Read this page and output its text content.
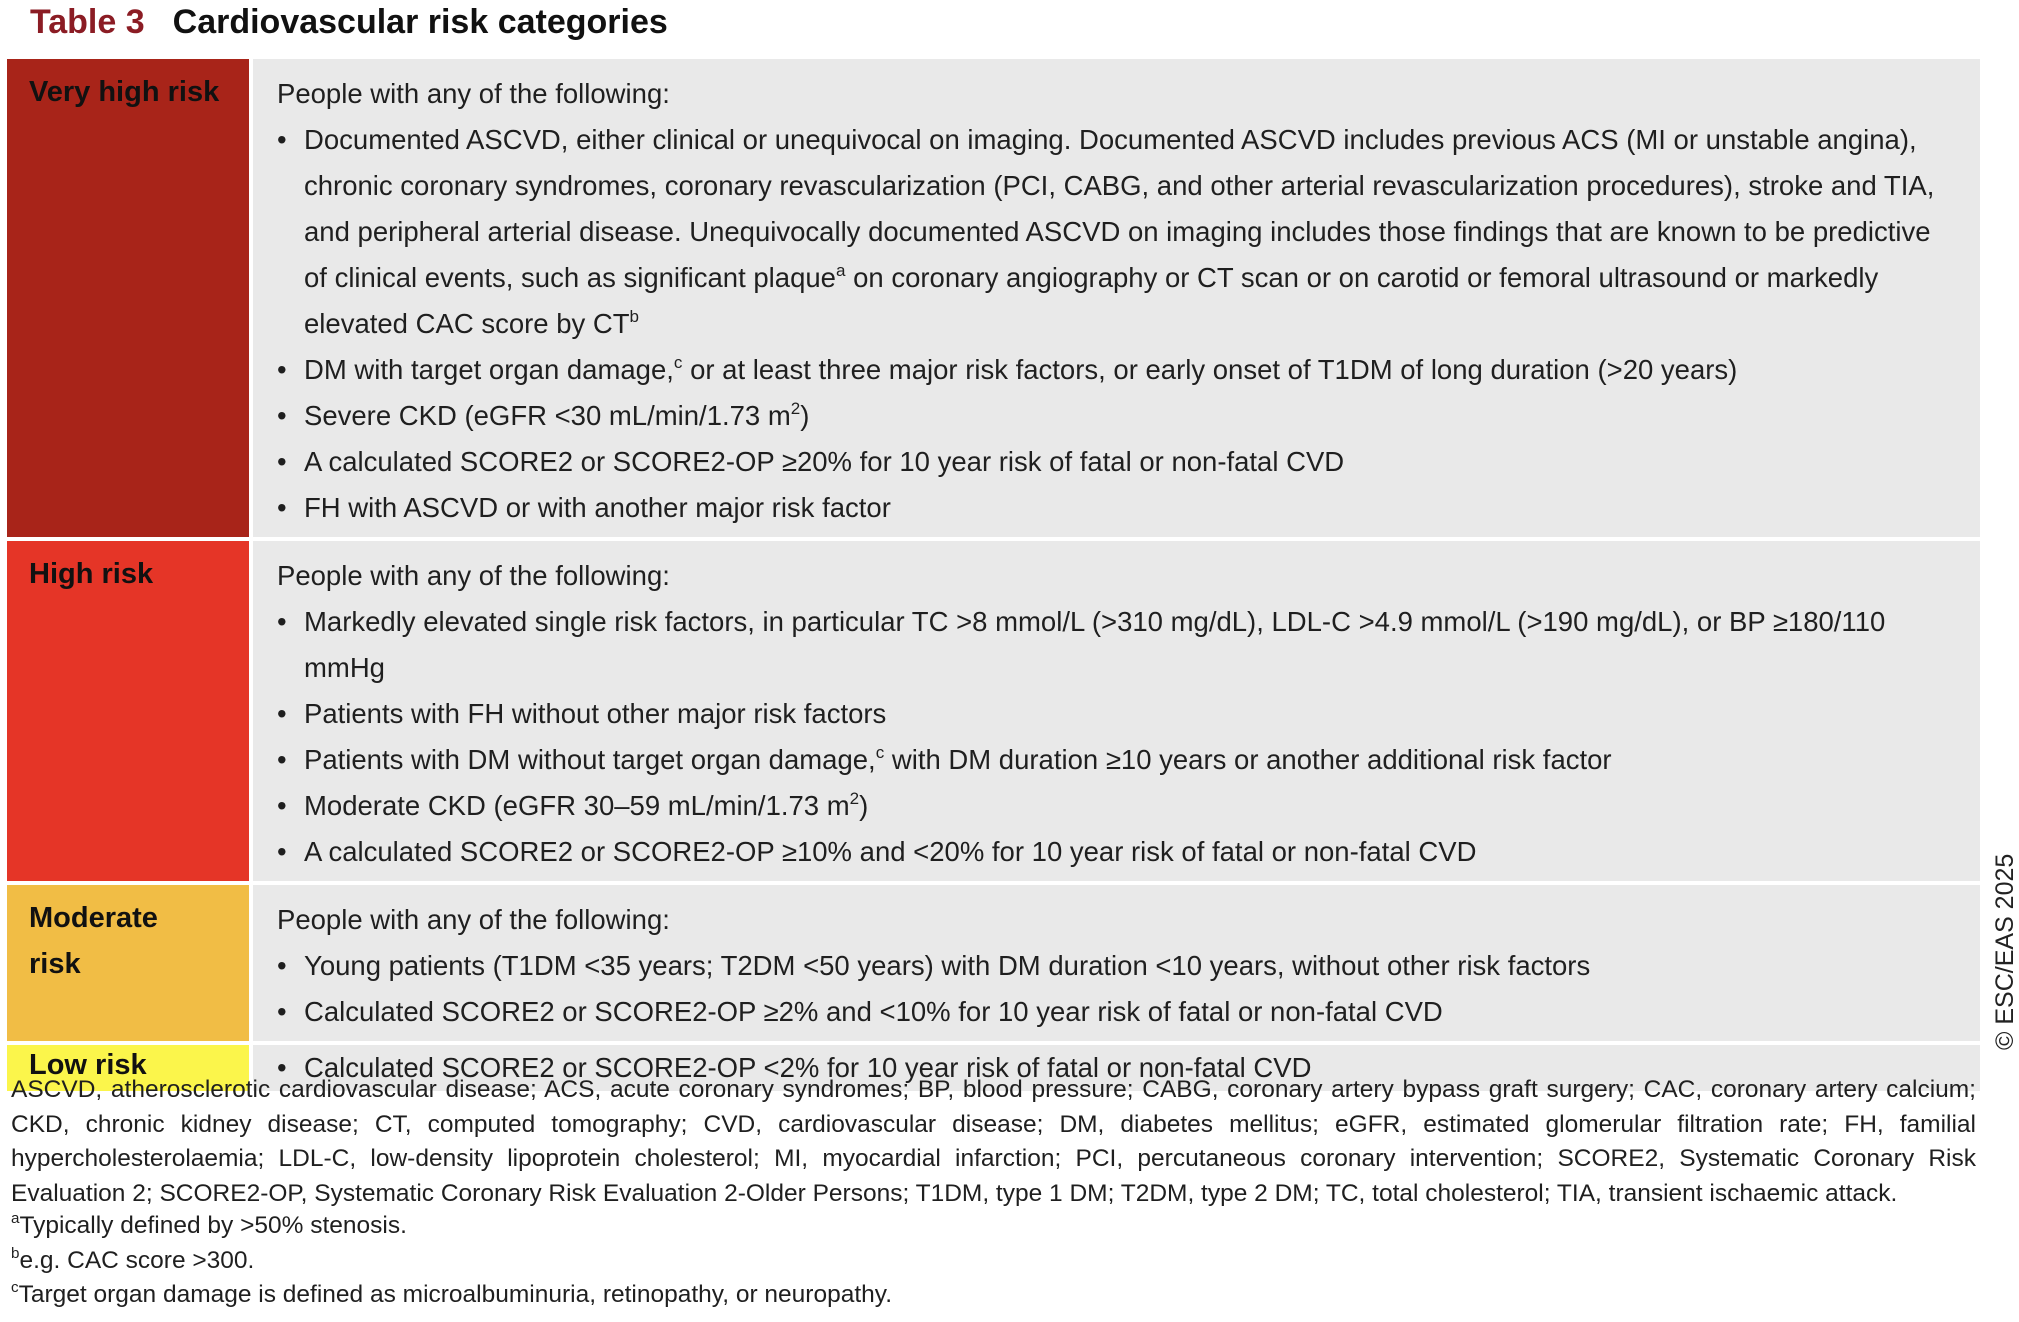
Table 3 Cardiovascular risk categories
Very high risk	People with any of the following:

• Documented ASCVD, either clinical or unequivocal on imaging. Documented ASCVD includes previous ACS (MI or unstable angina), chronic coronary syndromes, coronary revascularization (PCI, CABG, and other arterial revascularization procedures), stroke and TIA, and peripheral arterial disease. Unequivocally documented ASCVD on imaging includes those findings that are known to be predictive of clinical events, such as significant plaque$^a$ on coronary angiography or CT scan or on carotid or femoral ultrasound or markedly elevated CAC score by $CT^b$
• DM with target organ damage,$^c$ or at least three major risk factors, or early onset of T1DM of long duration (>20 years)
• Severe CKD (eGFR <30 mL/min/1.73 $m^2$)
• A calculated SCORE2 or SCORE2-OP ≥20% for 10 year risk of fatal or non-fatal CVD
• FH with ASCVD or with another major risk factor
High risk	People with any of the following:

• Markedly elevated single risk factors, in particular TC >8 mmol/L (>310 mg/dL), LDL-C >4.9 mmol/L (>190 mg/dL), or BP ≥180/110 mmHg
• Patients with FH without other major risk factors
• Patients with DM without target organ damage,$^c$ with DM duration ≥10 years or another additional risk factor
• Moderate CKD (eGFR 30–59 mL/min/1.73 $m^2$)
• A calculated SCORE2 or SCORE2-OP ≥10% and <20% for 10 year risk of fatal or non-fatal CVD
Moderate risk

People with any of the following:

• Young patients (T1DM <35 years; T2DM <50 years) with DM duration <10 years, without other risk factors
• Calculated SCORE2 or SCORE2-OP ≥2% and <10% for 10 year risk of fatal or non-fatal CVD
Low risk
•	Calculated SCORE2 or SCORE2-OP <2% for 10 year risk of fatal or non-fatal CVD
© ESC/EAS 2025
ASCVD, atherosclerotic cardiovascular disease; ACS, acute coronary syndromes; BP, blood pressure; CABG, coronary artery bypass graft surgery; CAC, coronary artery calcium; CKD, chronic kidney disease; CT, computed tomography; CVD, cardiovascular disease; DM, diabetes mellitus; eGFR, estimated glomerular filtration rate; FH, familial hypercholesterolaemia; LDL-C, low-density lipoprotein cholesterol; MI, myocardial infarction; PCI, percutaneous coronary intervention; SCORE2, Systematic Coronary Risk Evaluation 2; SCORE2-OP, Systematic Coronary Risk Evaluation 2-Older Persons; T1DM, type 1 DM; T2DM, type 2 DM; TC, total cholesterol; TIA, transient ischaemic attack.
$^a$Typically defined by >50% stenosis.
$^b$e.g. CAC score >300.
$^c$Target organ damage is defined as microalbuminuria, retinopathy, or neuropathy.
